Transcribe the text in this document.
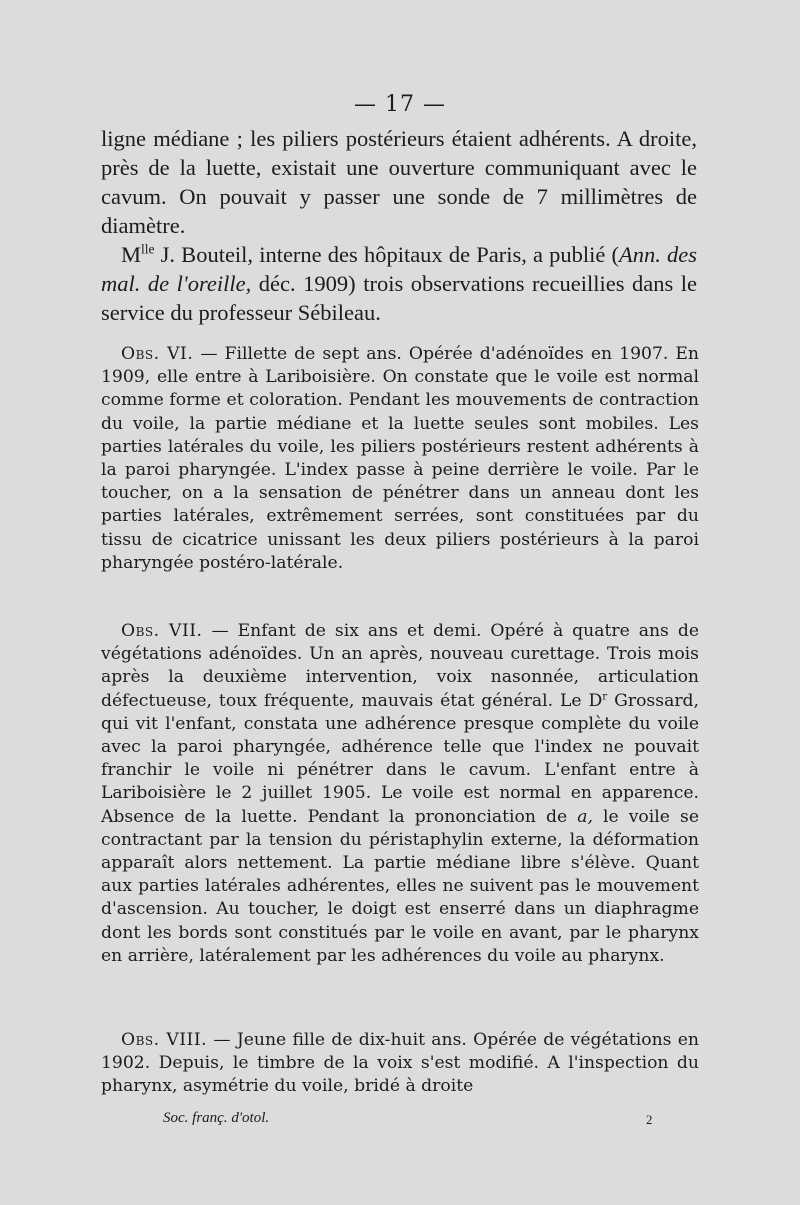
— 17 —

ligne médiane ; les piliers postérieurs étaient adhérents. A droite, près de la luette, existait une ouverture communiquant avec le cavum. On pouvait y passer une sonde de 7 millimètres de diamètre.

$M^{lle}$ J. Bouteil, interne des hôpitaux de Paris, a publié (Ann. des mal. de l'oreille, déc. 1909) trois observations recueillies dans le service du professeur Sébileau.

Obs. VI. — Fillette de sept ans. Opérée d'adénoïdes en 1907. En 1909, elle entre à Lariboisière. On constate que le voile est normal comme forme et coloration. Pendant les mouvements de contraction du voile, la partie médiane et la luette seules sont mobiles. Les parties latérales du voile, les piliers postérieurs restent adhérents à la paroi pharyngée. L'index passe à peine derrière le voile. Par le toucher, on a la sensation de pénétrer dans un anneau dont les parties latérales, extrêmement serrées, sont constituées par du tissu de cicatrice unissant les deux piliers postérieurs à la paroi pharyngée postéro-latérale.

Obs. VII. — Enfant de six ans et demi. Opéré à quatre ans de végétations adénoïdes. Un an après, nouveau curettage. Trois mois après la deuxième intervention, voix nasonnée, articulation défectueuse, toux fréquente, mauvais état général. Le $D^r$ Grossard, qui vit l'enfant, constata une adhérence presque complète du voile avec la paroi pharyngée, adhérence telle que l'index ne pouvait franchir le voile ni pénétrer dans le cavum. L'enfant entre à Lariboisière le 2 juillet 1905. Le voile est normal en apparence. Absence de la luette. Pendant la prononciation de a, le voile se contractant par la tension du péristaphylin externe, la déformation apparaît alors nettement. La partie médiane libre s'élève. Quant aux parties latérales adhérentes, elles ne suivent pas le mouvement d'ascension. Au toucher, le doigt est enserré dans un diaphragme dont les bords sont constitués par le voile en avant, par le pharynx en arrière, latéralement par les adhérences du voile au pharynx.

Obs. VIII. — Jeune fille de dix-huit ans. Opérée de végétations en 1902. Depuis, le timbre de la voix s'est modifié. A l'inspection du pharynx, asymétrie du voile, bridé à droite

Soc. franç. d'otol.	2
